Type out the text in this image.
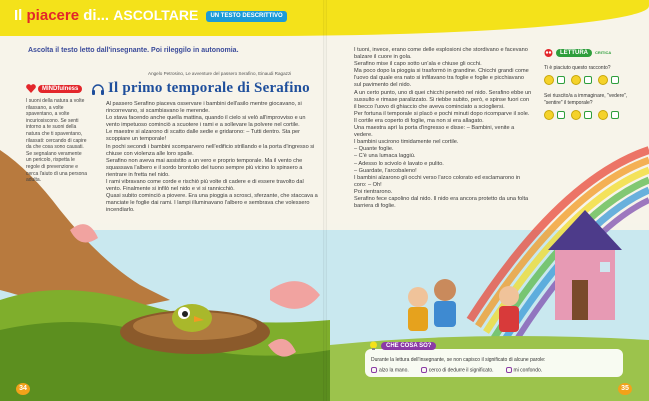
Il piacere di... ASCOLTARE UN TESTO DESCRITTIVO
Ascolta il testo letto dall'insegnante. Poi rileggilo in autonomia.
Angelo Petrosino, Le avventure del passero Serafino, Einaudi Ragazzi
Il primo temporale di Serafino
MINDfulness

I suoni della natura a volte rilassano, a volte spaventano, a volte incuriosiscono. Se senti intorno a te suoni della natura che ti spaventano, rilassati: cercando di capire da che cosa sono causati. Se segnalano veramente un pericolo, rispetta le regole di prevenzione e cerca l'aiuto di una persona adulta.

Al passero Serafino piaceva osservare i bambini dell'asilo mentre giocavano, si rincorrevano, si scambiavano le merende.

Lo stava facendo anche quella mattina, quando il cielo si velò all'improvviso e un vento impetuoso cominciò a scuotere i rami e a sollevare la polvere nel cortile.

Le maestre si alzarono di scatto dalle sedie e gridarono: – Tutti dentro. Sta per scoppiare un temporale!

In pochi secondi i bambini scomparvero nell'edificio strillando e la porta d'ingresso si chiuse con violenza alle loro spalle.

Serafino non aveva mai assistito a un vero e proprio temporale. Ma il vento che squassava l'albero e il sordo brontolio del tuono sempre più vicino lo spinsero a rientrare in fretta nel nido.

I rami vibravano come corde e rischiò più volte di cadere e di essere travolto dal vento. Finalmente si infilò nel nido e vi si rannicchiò.

Quasi subito cominciò a piovere. Era una pioggia a scrosci, sferzante, che staccava a manciate le foglie dai rami. I lampi illuminavano l'albero e sembrava che volessero incendiarlo.

I tuoni, invece, erano come delle esplosioni che stordivano e facevano balzare il cuore in gola.

Serafino mise il capo sotto un'ala e chiuse gli occhi.

Ma poco dopo la pioggia si trasformò in grandine. Chicchi grandi come l'uovo dal quale era nato si infilavano tra foglie e foglie e picchiavano sul pavimento del nido.

A un certo punto, uno di quei chicchi penetrò nel nido. Serafino ebbe un sussulto e rimase paralizzato. Si riebbe subito, però, e spinse fuori con il becco l'uovo di ghiaccio che aveva cominciato a sciogliersi.

Per fortuna il temporale si placò e pochi minuti dopo ricomparve il sole.

Il cortile era coperto di foglie, ma non si era allagato.

Una maestra aprì la porta d'ingresso e disse: – Bambini, venite a vedere.

I bambini uscirono timidamente nel cortile.

– Quante foglie.

– C'è una lumaca laggiù.

– Adesso lo scivolo è lavato e pulito.

– Guardate, l'arcobaleno!

I bambini alzarono gli occhi verso l'arco colorato ed esclamarono in coro: – Oh!

Poi rientrarono.

Serafino fece capolino dal nido. Il nido era ancora protetto da una folta barriera di foglie.

LETTURA	CRITICA
Ti è piaciuto questo racconto?
Sei riuscito/a a immaginare, "vedere", "sentire" il temporale?
CHE COSA SO?
Durante la lettura dell'insegnante, se non capisco il significato di alcune parole:
alzo la mano.	cerco di dedurre il significato.	mi confondo.
34	35
